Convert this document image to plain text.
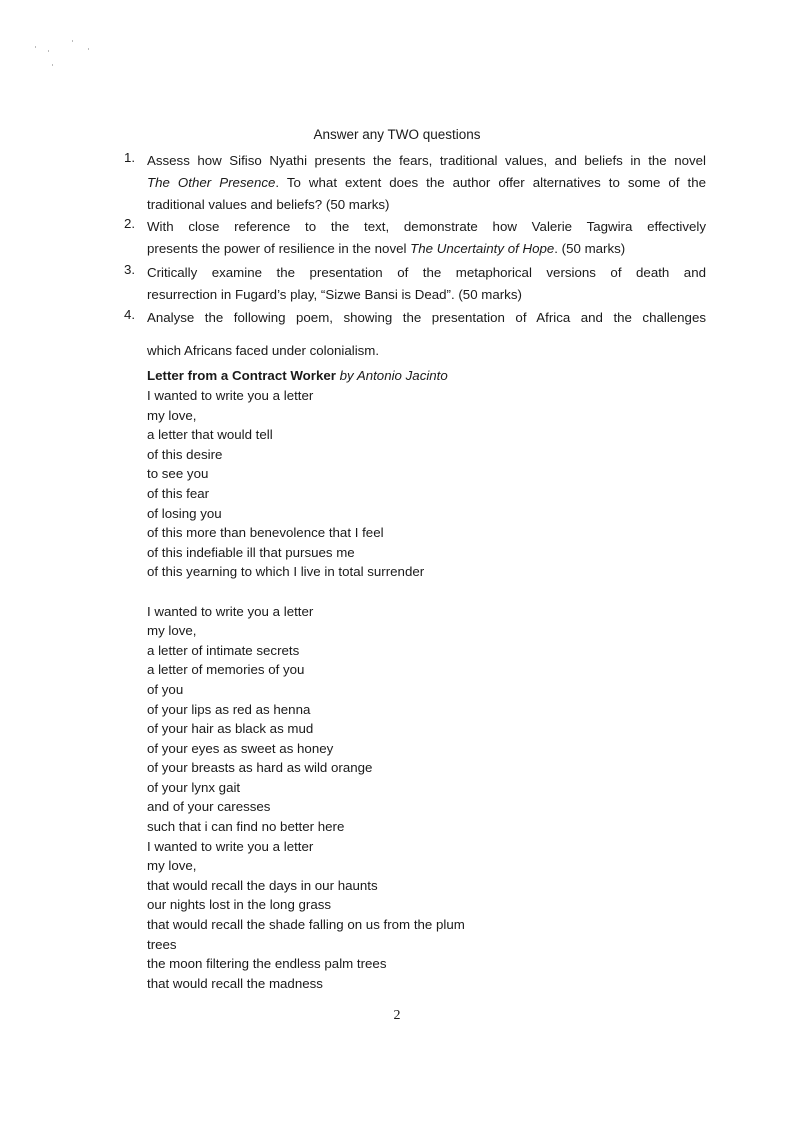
Answer any TWO questions
1. Assess how Sifiso Nyathi presents the fears, traditional values, and beliefs in the novel
The Other Presence. To what extent does the author offer alternatives to some of the
traditional values and beliefs? (50 marks)
2. With close reference to the text, demonstrate how Valerie Tagwira effectively
presents the power of resilience in the novel The Uncertainty of Hope. (50 marks)
3. Critically examine the presentation of the metaphorical versions of death and
resurrection in Fugard’s play, “Sizwe Bansi is Dead”. (50 marks)
4. Analyse the following poem, showing the presentation of Africa and the challenges
which Africans faced under colonialism.
Letter from a Contract Worker by Antonio Jacinto
I wanted to write you a letter
my love,
a letter that would tell
of this desire
to see you
of this fear
of losing you
of this more than benevolence that I feel
of this indefiable ill that pursues me
of this yearning to which I live in total surrender
I wanted to write you a letter
my love,
a letter of intimate secrets
a letter of memories of you
of you
of your lips as red as henna
of your hair as black as mud
of your eyes as sweet as honey
of your breasts as hard as wild orange
of your lynx gait
and of your caresses
such that i can find no better here
I wanted to write you a letter
my love,
that would recall the days in our haunts
our nights lost in the long grass
that would recall the shade falling on us from the plum
trees
the moon filtering the endless palm trees
that would recall the madness
2
